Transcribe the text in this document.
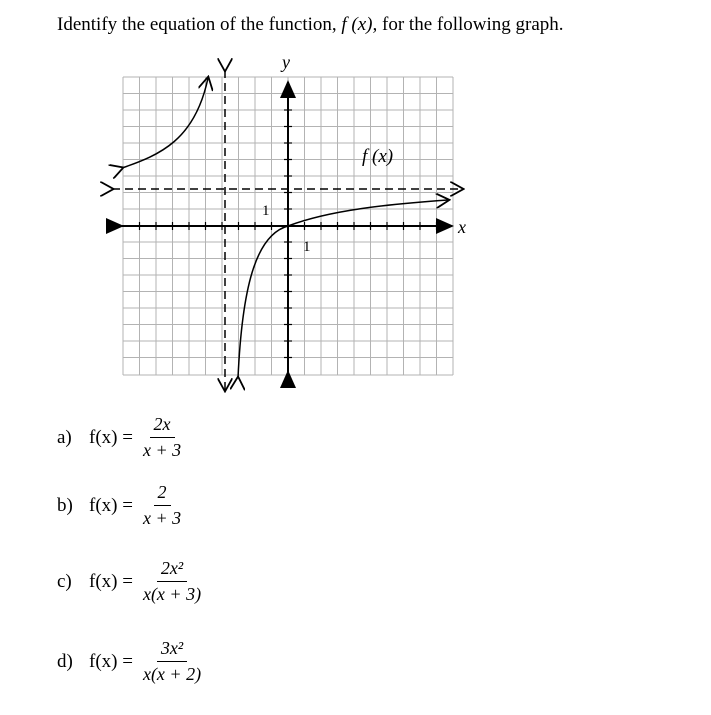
Identify the equation of the function, f (x), for the following graph.
y
x
f (x)
1
1
a) $f(x) = \frac{2x}{x + 3}$
b) $f(x) = \frac{2}{x + 3}$
c) $f(x) = \frac{\text{2x²}}{x(x + 3)}$
d) $f(x) = \frac{\text{3x²}}{x(x + 2)}$
